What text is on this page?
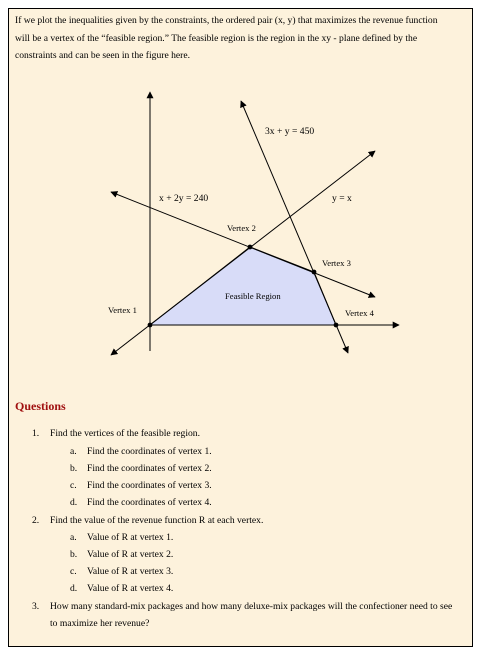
If we plot the inequalities given by the constraints, the ordered pair (x, y) that maximizes the revenue function
will be a vertex of the “feasible region.” The feasible region is the region in the xy - plane defined by the
constraints and can be seen in the figure here.
3x + y = 450
x + 2y = 240	y = x
Vertex 1
Vertex 2
Vertex 3
Vertex 4
Feasible Region
Questions
1. Find the vertices of the feasible region.
a. Find the coordinates of vertex 1.
b. Find the coordinates of vertex 2.
c. Find the coordinates of vertex 3.
d. Find the coordinates of vertex 4.
2. Find the value of the revenue function R at each vertex.
a. Value of R at vertex 1.
b. Value of R at vertex 2.
c. Value of R at vertex 3.
d. Value of R at vertex 4.
3. How many standard-mix packages and how many deluxe-mix packages will the confectioner need to see
to maximize her revenue?
